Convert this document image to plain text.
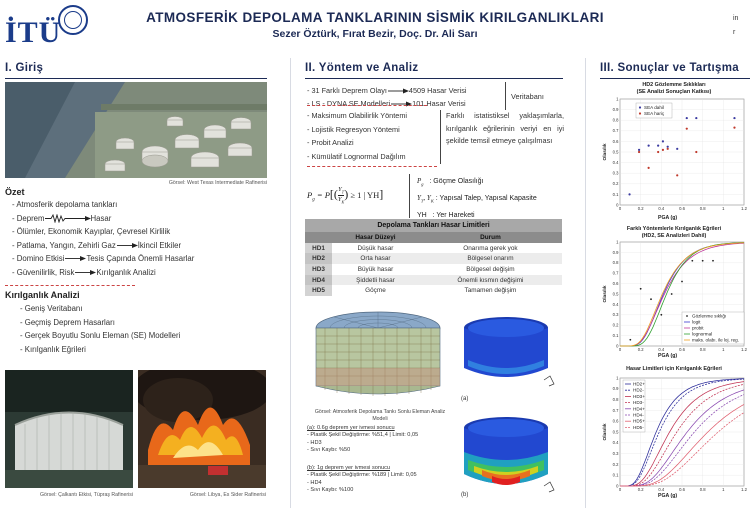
İTÜ	ATMOSFERİK DEPOLAMA TANKLARININ SİSMİK KIRILGANLIKLARI
Sezer Öztürk, Fırat Bezir, Doç. Dr. Ali Sarı
in
r
I. Giriş
Görsel: West Texas Intermediate Rafinerisi
Özet
- Atmosferik depolama tankları
- Deprem	Hasar
- Ölümler, Ekonomik Kayıplar, Çevresel Kirlilik
- Patlama, Yangın, Zehirli Gaz	İkincil Etkiler
- Domino Etkisi	Tesis Çapında Önemli Hasarlar
- Güvenilirlik, Risk	Kırılganlık Analizi
Kırılganlık Analizi
- Geniş Veritabanı
- Geçmiş Deprem Hasarları
- Gerçek Boyutlu Sonlu Eleman (SE) Modelleri
- Kırılganlık Eğrileri
Görsel: Çalkantı Etkisi, Tüpraş Rafinerisi	Görsel: Libya, Es Sider Rafinerisi
II. Yöntem ve Analiz
- 31 Farklı Deprem Olayı	4509 Hasar Verisi
- LS - DYNA SE Modelleri	101 Hasar Verisi
Veritabanı
- Maksimum Olabilirlik Yöntemi
- Lojistik Regresyon Yöntemi
- Probit Analizi
- Kümülatif Lognormal Dağılım
Farklı istatistiksel yaklaşımlarla, kırılganlık eğrilerinin veriyi en iyi şekilde temsil etmeye çalışılması
$P_g = P[( \frac{Y_T}{Y_K}$ ) ≥ 1 | YH]
$P_g$ : Göçme Olasılığı
$Y_T$, $Y_K$ : Yapısal Talep, Yapısal Kapasite
YH : Yer Hareketi
Depolama Tankları Hasar Limitleri
	Hasar Düzeyi	Durum
HD1	Düşük hasar	Onarıma gerek yok
HD2	Orta hasar	Bölgesel onarım
HD3	Büyük hasar	Bölgesel değişim
HD4	Şiddetli hasar	Önemli kısmın değişimi
HD5	Göçme	Tamamen değişim
Görsel: Atmosferik Depolama Tankı Sonlu Eleman Analiz Modeli
(a)
(b)
(a): 0.6g deprem yer ivmesi sonucu
- Plastik Şekil Değiştirme: %51,4 | Limit: 0,05
- HD3
- Sıvı Kaybı: %50
(b): 1g deprem yer ivmesi sonucu
- Plastik Şekil Değiştirme: %189 | Limit: 0,05
- HD4
- Sıvı Kaybı: %100
III. Sonuçlar ve Tartışma
HD2 Gözlemme Sıklıkları
(SE Analizi Sonuçları Katkısı)
0	0.2	0.4	0.6	0.8	1	1.2
0
0.1
0.2
0.3
0.4
0.5
0.6
0.7
0.8
0.9
1
Olasılık
SEA dahil
SEA hariç
PGA (g)
Farklı Yöntemlerle Kırılganlık Eğrileri
(HD2, SE Analizleri Dahil)
0	0.2	0.4	0.6	0.8	1	1.2
0
0.1
0.2
0.3
0.4
0.5
0.6
0.7
0.8
0.9
1
Olasılık
Gözlenme sıklığı
logit
probit
lognormal
maks. olabı. ile loj. reg.
PGA (g)
Hasar Limitleri için Kırılganlık Eğrileri
0	0.2	0.4	0.6	0.8	1	1.2
0
0.1
0.2
0.3
0.4
0.5
0.6
0.7
0.8
0.9
1
Olasılık
HD2+
HD2-
HD3+
HD3-
HD4+
HD4-
HD5+
HD5-
PGA (g)
